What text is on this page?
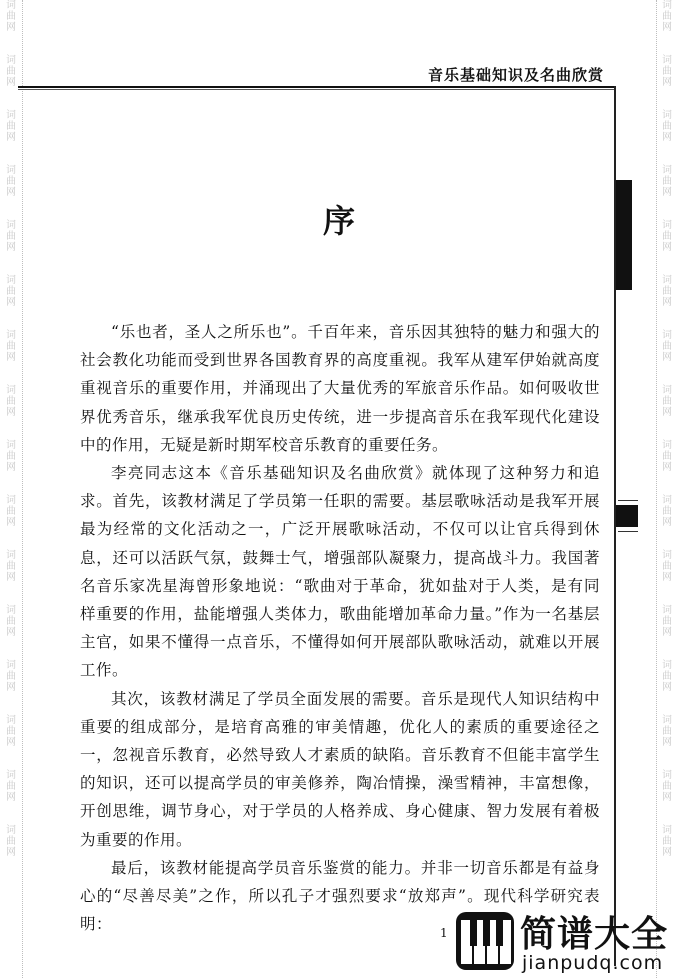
词
曲
网
词
曲
网
词
曲
网
词
曲
网
词
曲
网
词
曲
网
词
曲
网
词
曲
网
词
曲
网
词
曲
网
词
曲
网
词
曲
网
词
曲
网
词
曲
网
词
曲
网
词
曲
网
词
曲
网
词
曲
网
词
曲
网
词
曲
网
词
曲
网
词
曲
网
词
曲
网
词
曲
网
词
曲
网
词
曲
网
词
曲
网
词
曲
网
词
曲
网
词
曲
网
词
曲
网
词
曲
网
音乐基础知识及名曲欣赏
序

“乐也者，圣人之所乐也”。千百年来，音乐因其独特的魅力和强大的社会教化功能而受到世界各国教育界的高度重视。我军从建军伊始就高度重视音乐的重要作用，并涌现出了大量优秀的军旅音乐作品。如何吸收世界优秀音乐，继承我军优良历史传统，进一步提高音乐在我军现代化建设中的作用，无疑是新时期军校音乐教育的重要任务。

李亮同志这本《音乐基础知识及名曲欣赏》就体现了这种努力和追求。首先，该教材满足了学员第一任职的需要。基层歌咏活动是我军开展最为经常的文化活动之一，广泛开展歌咏活动，不仅可以让官兵得到休息，还可以活跃气氛，鼓舞士气，增强部队凝聚力，提高战斗力。我国著名音乐家冼星海曾形象地说：“歌曲对于革命，犹如盐对于人类，是有同样重要的作用，盐能增强人类体力，歌曲能增加革命力量。”作为一名基层主官，如果不懂得一点音乐，不懂得如何开展部队歌咏活动，就难以开展工作。

其次，该教材满足了学员全面发展的需要。音乐是现代人知识结构中重要的组成部分，是培育高雅的审美情趣，优化人的素质的重要途径之一，忽视音乐教育，必然导致人才素质的缺陷。音乐教育不但能丰富学生的知识，还可以提高学员的审美修养，陶冶情操，澡雪精神，丰富想像，开创思维，调节身心，对于学员的人格养成、身心健康、智力发展有着极为重要的作用。

最后，该教材能提高学员音乐鉴赏的能力。并非一切音乐都是有益身心的“尽善尽美”之作，所以孔子才强烈要求“放郑声”。现代科学研究表明：	1 简谱大全
jianpudq.com
